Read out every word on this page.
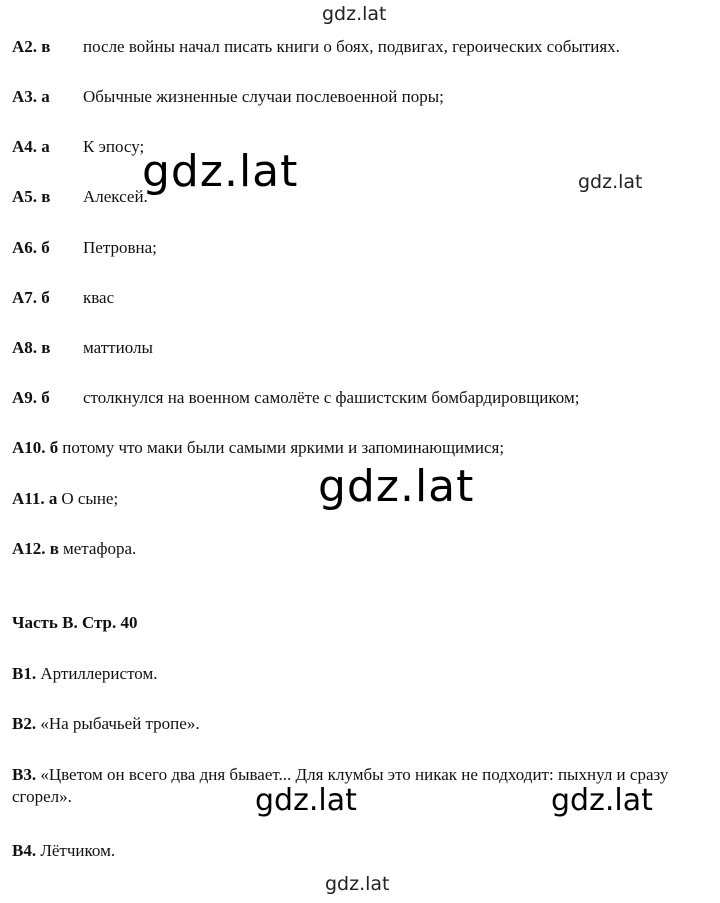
gdz.lat
gdz.lat	gdz.lat
gdz.lat
gdz.lat	gdz.lat
gdz.lat
А2. в после войны начал писать книги о боях, подвигах, героических событиях.
А3. а Обычные жизненные случаи послевоенной поры;
А4. а К эпосу;
А5. в Алексей.
А6. б Петровна;
А7. б квас
А8. в маттиолы
А9. б столкнулся на военном самолёте с фашистским бомбардировщиком;
А10. б потому что маки были самыми яркими и запоминающимися;
А11. а О сыне;
А12. в метафора.
Часть В. Стр. 40
В1. Артиллеристом.
В2. «На рыбачьей тропе».
В3. «Цветом он всего два дня бывает... Для клумбы это никак не подходит: пыхнул и сразу сгорел».
В4. Лётчиком.
